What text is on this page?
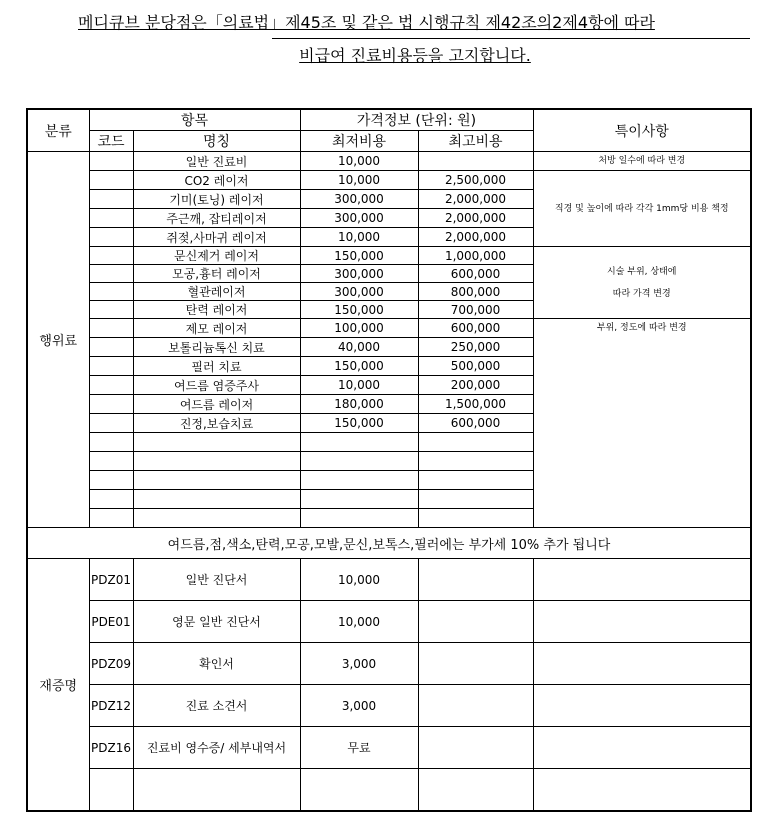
메디큐브 분당점은「의료법」제45조 및 같은 법 시행규칙 제42조의2제4항에 따라
비급여 진료비용등을 고지합니다.
분류	항목		가격정보 (단위: 원)		특이사항
	코드	명칭	최저비용	최고비용	
행위료		일반 진료비	10,000		처방 일수에 따라 변경
		CO2 레이저	10,000	2,500,000	직경 및 높이에 따라 각각 1mm당 비용 책정
		기미(토닝) 레이저	300,000	2,000,000	
		주근깨, 잡티레이저	300,000	2,000,000	
		쥐젖,사마귀 레이저	10,000	2,000,000	
		문신제거 레이저	150,000	1,000,000	시술 부위, 상태에
따라 가격 변경

		모공,흉터 레이저	300,000	600,000	
		혈관레이저	300,000	800,000	
		탄력 레이저	150,000	700,000	
		제모 레이저	100,000	600,000	부위, 정도에 따라 변경
		보톨리늄톡신 치료	40,000	250,000	
		필러 치료	150,000	500,000	
		여드름 염증주사	10,000	200,000	
		여드름 레이저	180,000	1,500,000	
		진정,보습치료	150,000	600,000	

여드름,점,색소,탄력,모공,모발,문신,보톡스,필러에는 부가세 10% 추가 됩니다					
재증명	PDZ01	일반 진단서	10,000		
	PDE01	영문 일반 진단서	10,000		
	PDZ09	확인서	3,000		
	PDZ12	진료 소견서	3,000		
	PDZ16	진료비 영수증/ 세부내역서	무료		
